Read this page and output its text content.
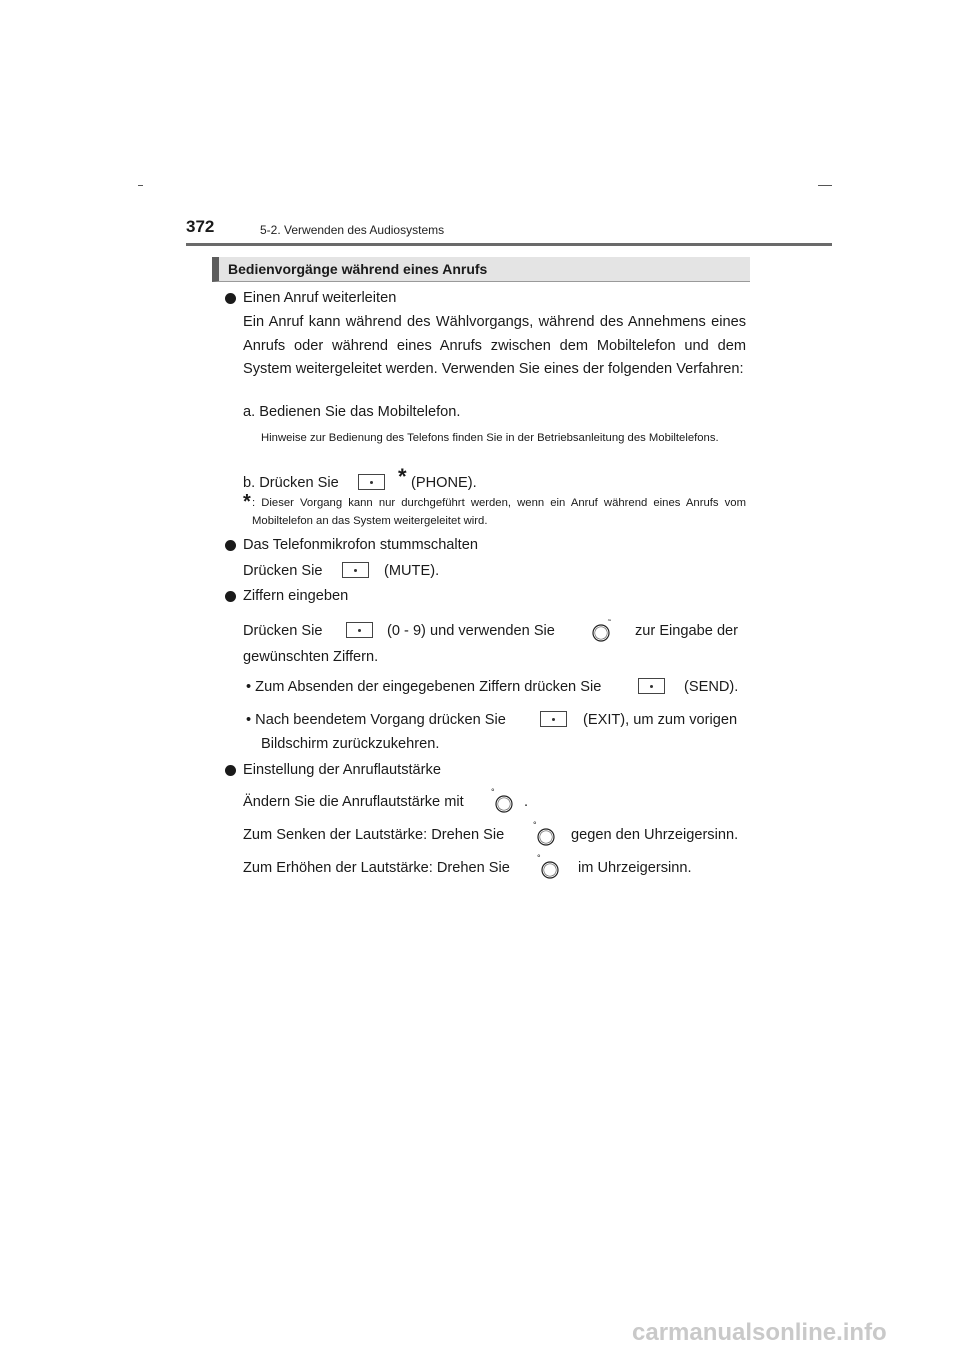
372	5-2. Verwenden des Audiosystems
Bedienvorgänge während eines Anrufs
Einen Anruf weiterleiten
Ein Anruf kann während des Wählvorgangs, während des Annehmens eines Anrufs oder während eines Anrufs zwischen dem Mobiltelefon und dem System weitergeleitet werden. Verwenden Sie eines der folgenden Verfahren:
a. Bedienen Sie das Mobiltelefon.
Hinweise zur Bedienung des Telefons finden Sie in der Betriebsanleitung des Mobiltelefons.
b. Drücken Sie	* (PHONE).
* : Dieser Vorgang kann nur durchgeführt werden, wenn ein Anruf während eines Anrufs vom Mobiltelefon an das System weitergeleitet wird.
Das Telefonmikrofon stummschalten
Drücken Sie	(MUTE).
Ziffern eingeben
Drücken Sie	(0 - 9) und verwenden Sie	˜ zur Eingabe der
gewünschten Ziffern.
• Zum Absenden der eingegebenen Ziffern drücken Sie	(SEND).
• Nach beendetem Vorgang drücken Sie	(EXIT), um zum vorigen
Bildschirm zurückzukehren.
Einstellung der Anruflautstärke
Ändern Sie die Anruflautstärke mit
°
.
Zum Senken der Lautstärke: Drehen Sie
°
gegen den Uhrzeigersinn.
Zum Erhöhen der Lautstärke: Drehen Sie
°
im Uhrzeigersinn.
carmanualsonline.info
